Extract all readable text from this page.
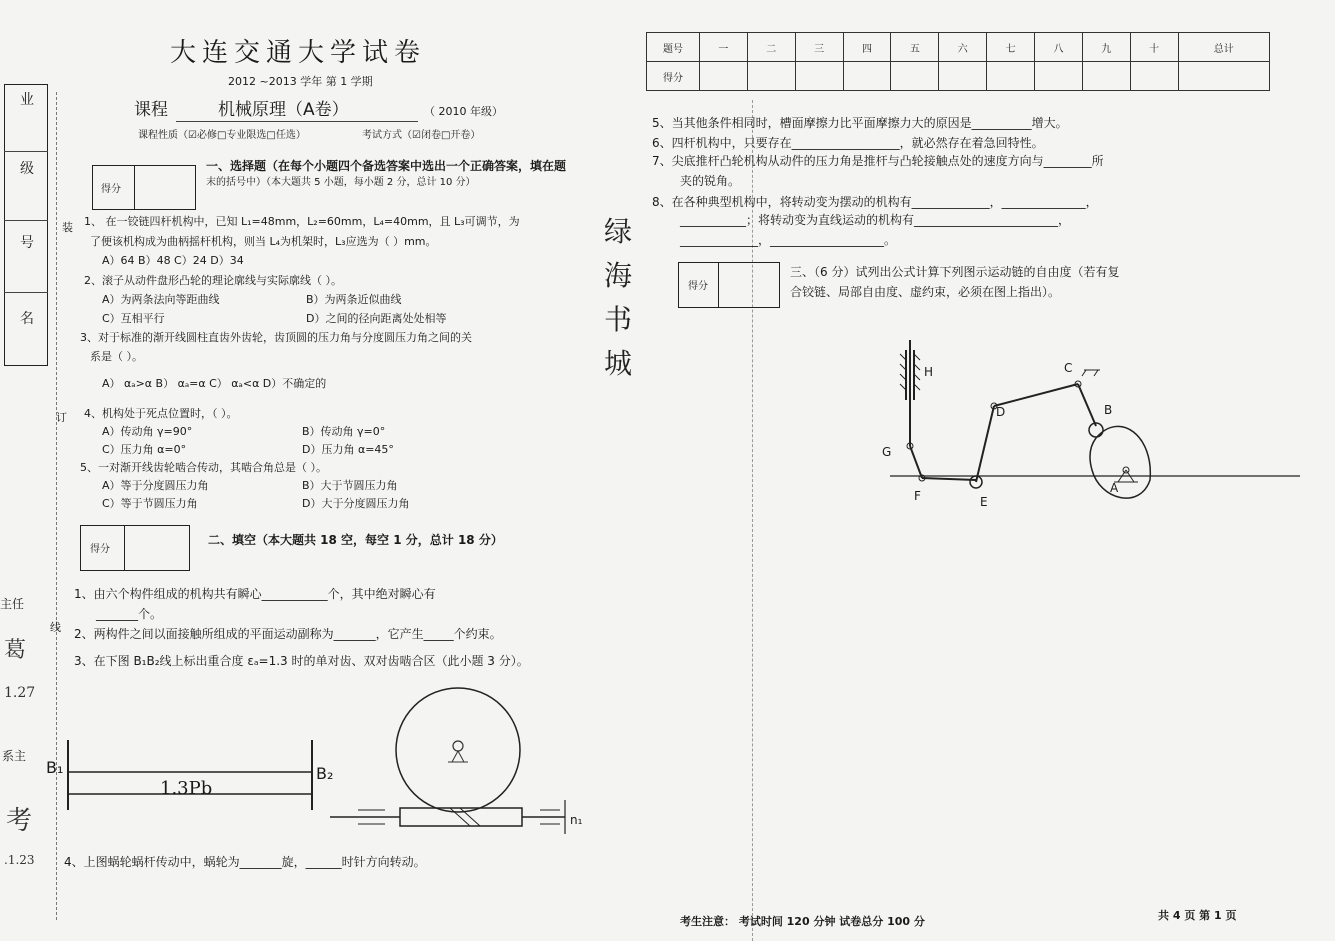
大连交通大学试卷
2012 ~2013 学年 第 1 学期
课程	机械原理（A卷）	（ 2010 年级）
课程性质（☑必修□专业限选□任选）	考试方式（☑闭卷□开卷）
业
级
号
名
装
订
线
主任
系主
葛
1.27
考
.1.23
得分
一、选择题（在每个小题四个备选答案中选出一个正确答案，填在题
末的括号中）（本大题共 5 小题，每小题 2 分，总计 10 分）
1、 在一铰链四杆机构中，已知 L₁=48mm，L₂=60mm，L₄=40mm，且 L₃可调节，为
了便该机构成为曲柄摇杆机构，则当 L₄为机架时，L₃应选为（ ）mm。
A）64 B）48 C）24 D）34
2、滚子从动件盘形凸轮的理论廓线与实际廓线（ ）。
A）为两条法向等距曲线	B）为两条近似曲线
C）互相平行	D）之间的径向距离处处相等
3、对于标准的渐开线圆柱直齿外齿轮，齿顶圆的压力角与分度圆压力角之间的关
系是（ ）。
A） αₐ>α B） αₐ=α C） αₐ<α D）不确定的
4、机构处于死点位置时，（ ）。
A）传动角 γ=90°	B）传动角 γ=0°
C）压力角 α=0°	D）压力角 α=45°
5、一对渐开线齿轮啮合传动，其啮合角总是（ ）。
A）等于分度圆压力角	B）大于节圆压力角
C）等于节圆压力角	D）大于分度圆压力角
得分
二、填空（本大题共 18 空，每空 1 分，总计 18 分）
1、由六个构件组成的机构共有瞬心___________个，其中绝对瞬心有
_______个。
2、两构件之间以面接触所组成的平面运动副称为_______，它产生_____个约束。
3、在下图 B₁B₂线上标出重合度 εₐ=1.3 时的单对齿、双对齿啮合区（此小题 3 分）。
B₁	B₂
1.3Pb
n₁
4、上图蜗轮蜗杆传动中，蜗轮为_______旋，______时针方向转动。
题号	一	二	三	四	五	六	七	八	九	十	总计
得分											
5、当其他条件相同时，槽面摩擦力比平面摩擦力大的原因是__________增大。
6、四杆机构中，只要存在__________________，就必然存在着急回特性。
7、尖底推杆凸轮机构从动件的压力角是推杆与凸轮接触点处的速度方向与________所
夹的锐角。
8、在各种典型机构中，将转动变为摆动的机构有_____________，______________，
___________；将转动变为直线运动的机构有________________________，
_____________，___________________。
绿海书城
得分
三、（6 分）试列出公式计算下列图示运动链的自由度（若有复
合铰链、局部自由度、虚约束，必须在图上指出）。
H	C
D	B
G
F	E
A
考生注意： 考试时间 120 分钟 试卷总分 100 分	共 4 页 第 1 页
